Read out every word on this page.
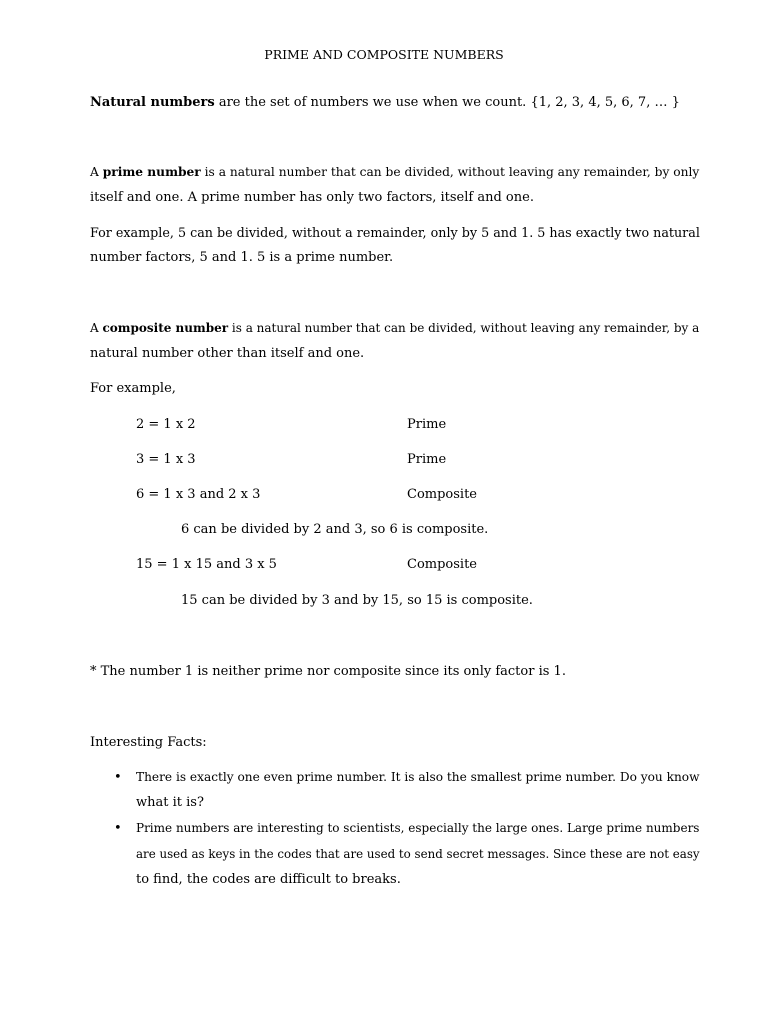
PRIME AND COMPOSITE NUMBERS

Natural numbers are the set of numbers we use when we count. {1, 2, 3, 4, 5, 6, 7, … }

A prime number is a natural number that can be divided, without leaving any remainder, by only

itself and one. A prime number has only two factors, itself and one.

For example, 5 can be divided, without a remainder, only by 5 and 1. 5 has exactly two natural

number factors, 5 and 1. 5 is a prime number.

A composite number is a natural number that can be divided, without leaving any remainder, by a

natural number other than itself and one.

For example,

2 = 1 x 2	Prime

3 = 1 x 3	Prime

6 = 1 x 3 and 2 x 3	Composite

6 can be divided by 2 and 3, so 6 is composite.

15 = 1 x 15 and 3 x 5	Composite

15 can be divided by 3 and by 15, so 15 is composite.

* The number 1 is neither prime nor composite since its only factor is 1.

Interesting Facts:

• There is exactly one even prime number. It is also the smallest prime number. Do you know

what it is?

• Prime numbers are interesting to scientists, especially the large ones. Large prime numbers

are used as keys in the codes that are used to send secret messages. Since these are not easy

to find, the codes are difficult to breaks.
